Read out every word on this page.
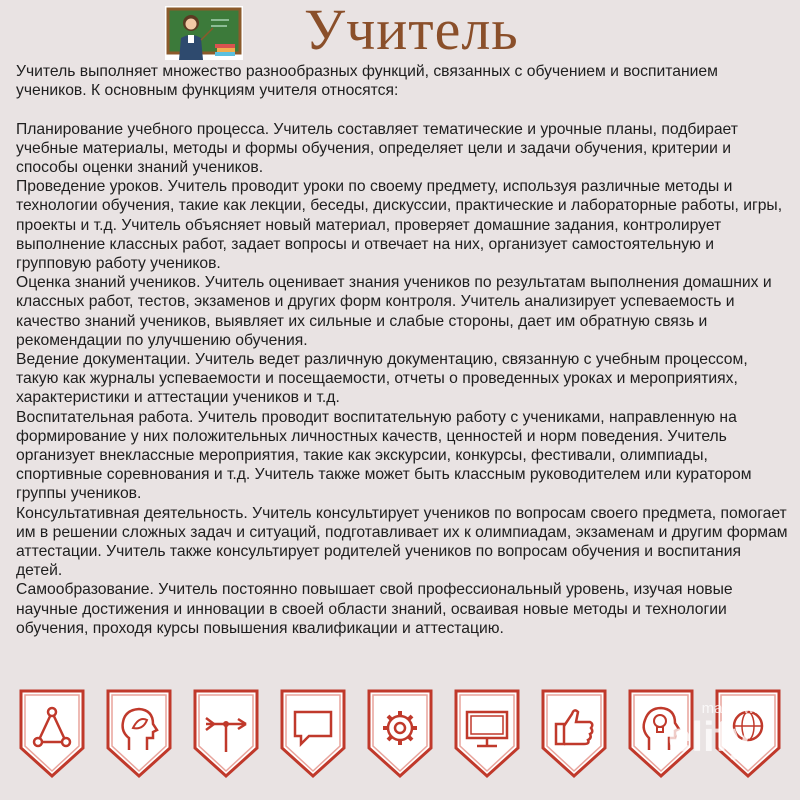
Учитель

Учитель выполняет множество разнообразных функций, связанных с обучением и воспитанием учеников. К основным функциям учителя относятся:

Планирование учебного процесса. Учитель составляет тематические и урочные планы, подбирает учебные материалы, методы и формы обучения, определяет цели и задачи обучения, критерии и способы оценки знаний учеников.

Проведение уроков. Учитель проводит уроки по своему предмету, используя различные методы и технологии обучения, такие как лекции, беседы, дискуссии, практические и лабораторные работы, игры, проекты и т.д. Учитель объясняет новый материал, проверяет домашние задания, контролирует выполнение классных работ, задает вопросы и отвечает на них, организует самостоятельную и групповую работу учеников.

Оценка знаний учеников. Учитель оценивает знания учеников по результатам выполнения домашних и классных работ, тестов, экзаменов и других форм контроля. Учитель анализирует успеваемость и качество знаний учеников, выявляет их сильные и слабые стороны, дает им обратную связь и рекомендации по улучшению обучения.

Ведение документации. Учитель ведет различную документацию, связанную с учебным процессом, такую как журналы успеваемости и посещаемости, отчеты о проведенных уроках и мероприятиях, характеристики и аттестации учеников и т.д.

Воспитательная работа. Учитель проводит воспитательную работу с учениками, направленную на формирование у них положительных личностных качеств, ценностей и норм поведения. Учитель организует внеклассные мероприятия, такие как экскурсии, конкурсы, фестивали, олимпиады, спортивные соревнования и т.д. Учитель также может быть классным руководителем или куратором группы учеников.

Консультативная деятельность. Учитель консультирует учеников по вопросам своего предмета, помогает им в решении сложных задач и ситуаций, подготавливает их к олимпиадам, экзаменам и другим формам аттестации. Учитель также консультирует родителей учеников по вопросам обучения и воспитания детей.

Самообразование. Учитель постоянно повышает свой профессиональный уровень, изучая новые научные достижения и инновации в своей области знаний, осваивая новые методы и технологии обучения, проходя курсы повышения квалификации и аттестацию.

made with
elify
